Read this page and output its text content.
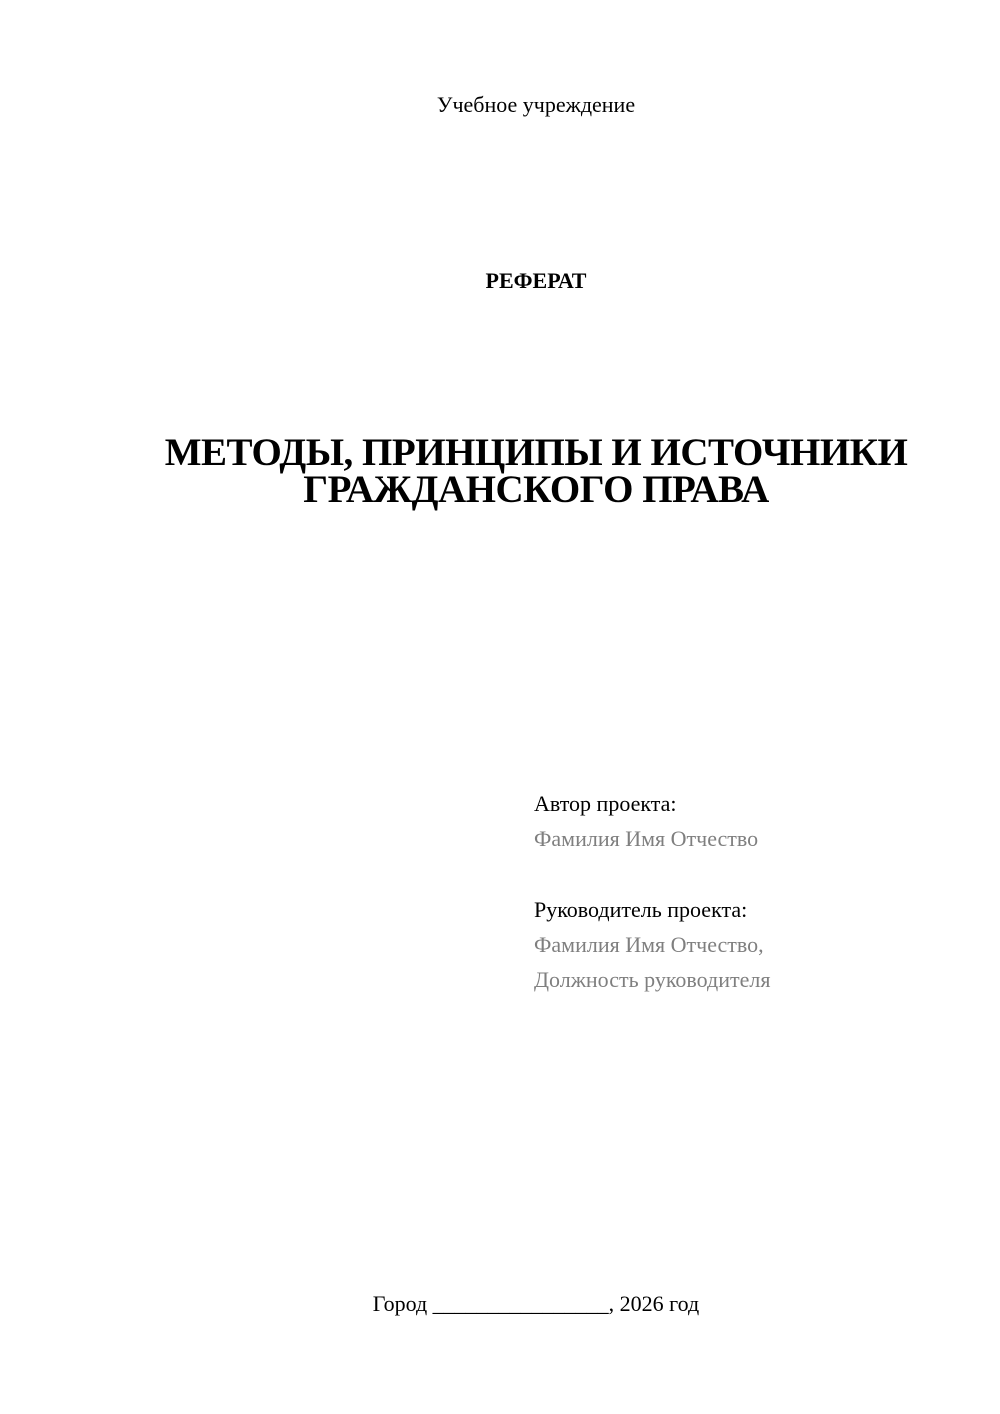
Учебное учреждение
РЕФЕРАТ
МЕТОДЫ, ПРИНЦИПЫ И ИСТОЧНИКИ
ГРАЖДАНСКОГО ПРАВА
Автор проекта:
Фамилия Имя Отчество
Руководитель проекта:
Фамилия Имя Отчество,
Должность руководителя
Город ________________, 2026 год
